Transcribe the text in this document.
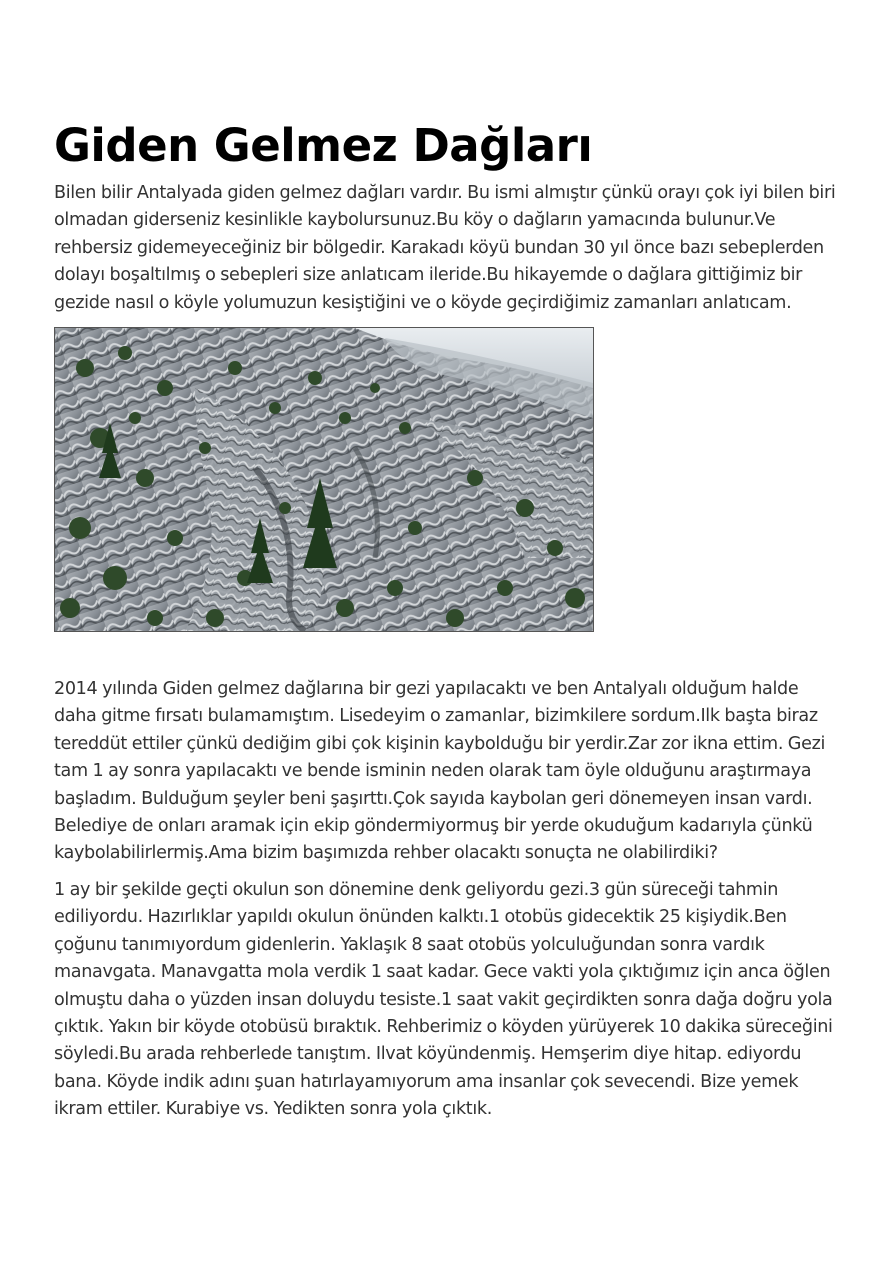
Giden Gelmez Dağları

Bilen bilir Antalyada giden gelmez dağları vardır. Bu ismi almıştır çünkü orayı çok iyi bilen biri olmadan giderseniz kesinlikle kaybolursunuz.Bu köy o dağların yamacında bulunur.Ve rehbersiz gidemeyeceğiniz bir bölgedir. Karakadı köyü bundan 30 yıl önce bazı sebeplerden dolayı boşaltılmış o sebepleri size anlatıcam ileride.Bu hikayemde o dağlara gittiğimiz bir gezide nasıl o köyle yolumuzun kesiştiğini ve o köyde geçirdiğimiz zamanları anlatıcam.

2014 yılında Giden gelmez dağlarına bir gezi yapılacaktı ve ben Antalyalı olduğum halde daha gitme fırsatı bulamamıştım. Lisedeyim o zamanlar, bizimkilere sordum.Ilk başta biraz tereddüt ettiler çünkü dediğim gibi çok kişinin kaybolduğu bir yerdir.Zar zor ikna ettim. Gezi tam 1 ay sonra yapılacaktı ve bende isminin neden olarak tam öyle olduğunu araştırmaya başladım. Bulduğum şeyler beni şaşırttı.Çok sayıda kaybolan geri dönemeyen insan vardı. Belediye de onları aramak için ekip göndermiyormuş bir yerde okuduğum kadarıyla çünkü kaybolabilirlermiş.Ama bizim başımızda rehber olacaktı sonuçta ne olabilirdiki?

1 ay bir şekilde geçti okulun son dönemine denk geliyordu gezi.3 gün süreceği tahmin ediliyordu. Hazırlıklar yapıldı okulun önünden kalktı.1 otobüs gidecektik 25 kişiydik.Ben çoğunu tanımıyordum gidenlerin. Yaklaşık 8 saat otobüs yolculuğundan sonra vardık manavgata. Manavgatta mola verdik 1 saat kadar. Gece vakti yola çıktığımız için anca öğlen olmuştu daha o yüzden insan doluydu tesiste.1 saat vakit geçirdikten sonra dağa doğru yola çıktık. Yakın bir köyde otobüsü bıraktık. Rehberimiz o köyden yürüyerek 10 dakika süreceğini söyledi.Bu arada rehberlede tanıştım. Ilvat köyündenmiş. Hemşerim diye hitap. ediyordu bana. Köyde indik adını şuan hatırlayamıyorum ama insanlar çok sevecendi. Bize yemek ikram ettiler. Kurabiye vs. Yedikten sonra yola çıktık.
